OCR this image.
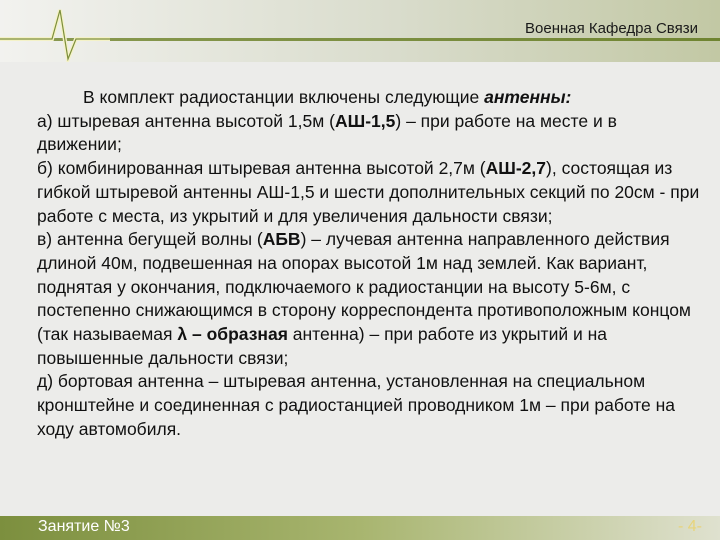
Военная Кафедра Связи

В комплект радиостанции включены следующие антенны:

а) штыревая антенна высотой 1,5м (АШ-1,5) – при работе на месте и в движении;

б) комбинированная штыревая антенна высотой 2,7м (АШ-2,7), состоящая из гибкой штыревой антенны АШ-1,5 и шести дополнительных секций по 20см - при работе с места, из укрытий и для увеличения дальности связи;

в) антенна бегущей волны (АБВ) – лучевая антенна направленного действия длиной 40м, подвешенная на опорах высотой 1м над землей. Как вариант, поднятая у окончания, подключаемого к радиостанции на высоту 5-6м, с постепенно снижающимся в сторону корреспондента противоположным концом (так называемая λ – образная антенна) – при работе из укрытий и на повышенные дальности связи;

д) бортовая антенна – штыревая антенна, установленная на специальном кронштейне и соединенная с радиостанцией проводником 1м – при работе на ходу автомобиля.

Занятие №3	- 4-
